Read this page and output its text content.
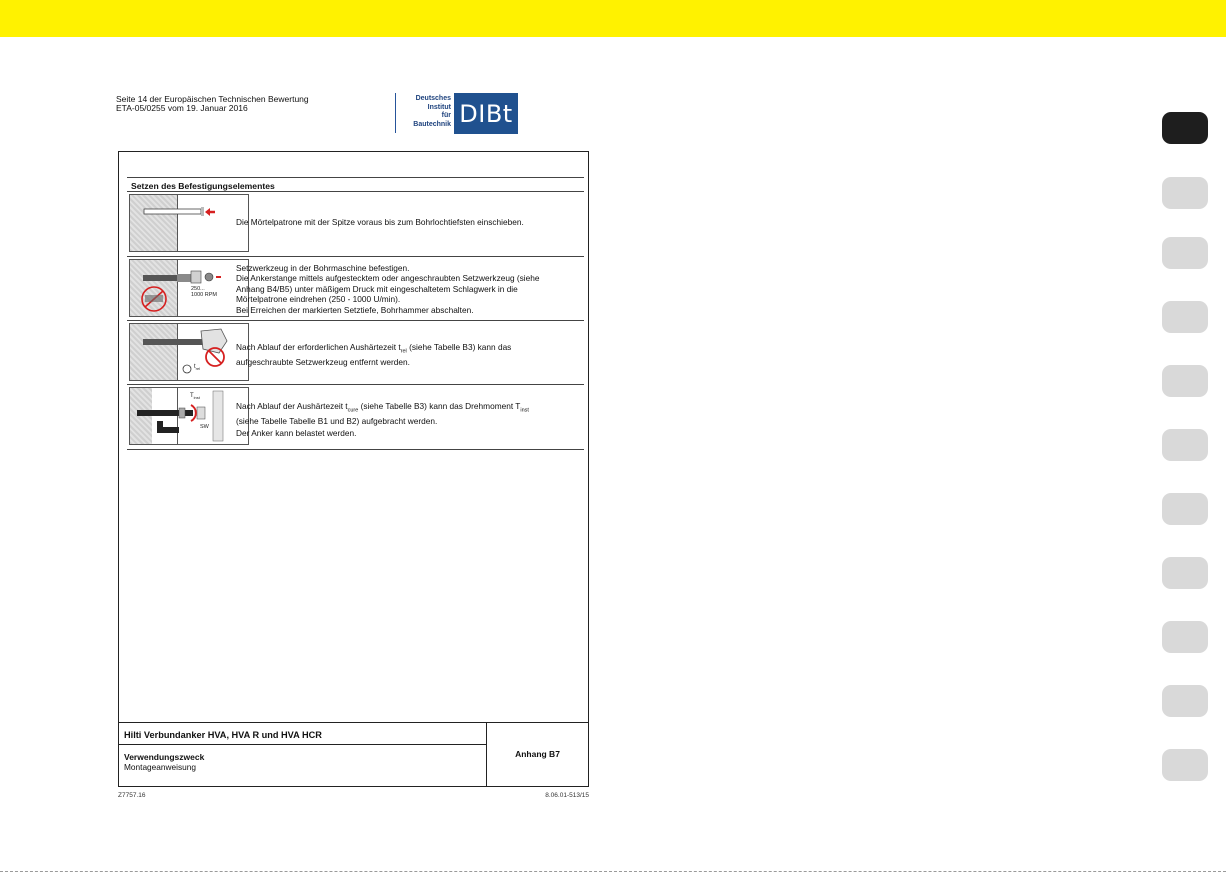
Seite 14 der Europäischen Technischen Bewertung
ETA-05/0255 vom 19. Januar 2016
Deutsches
Institut
für
Bautechnik DIBt
Setzen des Befestigungselementes
Die Mörtelpatrone mit der Spitze voraus bis zum Bohrlochtiefsten einschieben.
250...
1000 RPM
Setzwerkzeug in der Bohrmaschine befestigen.
Die Ankerstange mittels aufgestecktem oder angeschraubten Setzwerkzeug (siehe
Anhang B4/B5) unter mäßigem Druck mit eingeschaltetem Schlagwerk in die
Mörtelpatrone eindrehen (250 - 1000 U/min).
Bei Erreichen der markierten Setztiefe, Bohrhammer abschalten.
$t_{rel}$
Nach Ablauf der erforderlichen Aushärtezeit $t_{rel}$ (siehe Tabelle B3) kann das
aufgeschraubte Setzwerkzeug entfernt werden.
$T_{inst}$
SW
Nach Ablauf der Aushärtezeit $t_{cure}$ (siehe Tabelle B3) kann das Drehmoment $T_{inst}$
(siehe Tabelle Tabelle B1 und B2) aufgebracht werden.
Der Anker kann belastet werden.
Hilti Verbundanker HVA, HVA R und HVA HCR
Verwendungszweck
Montageanweisung
Anhang B7
Z7757.16	8.06.01-513/15
